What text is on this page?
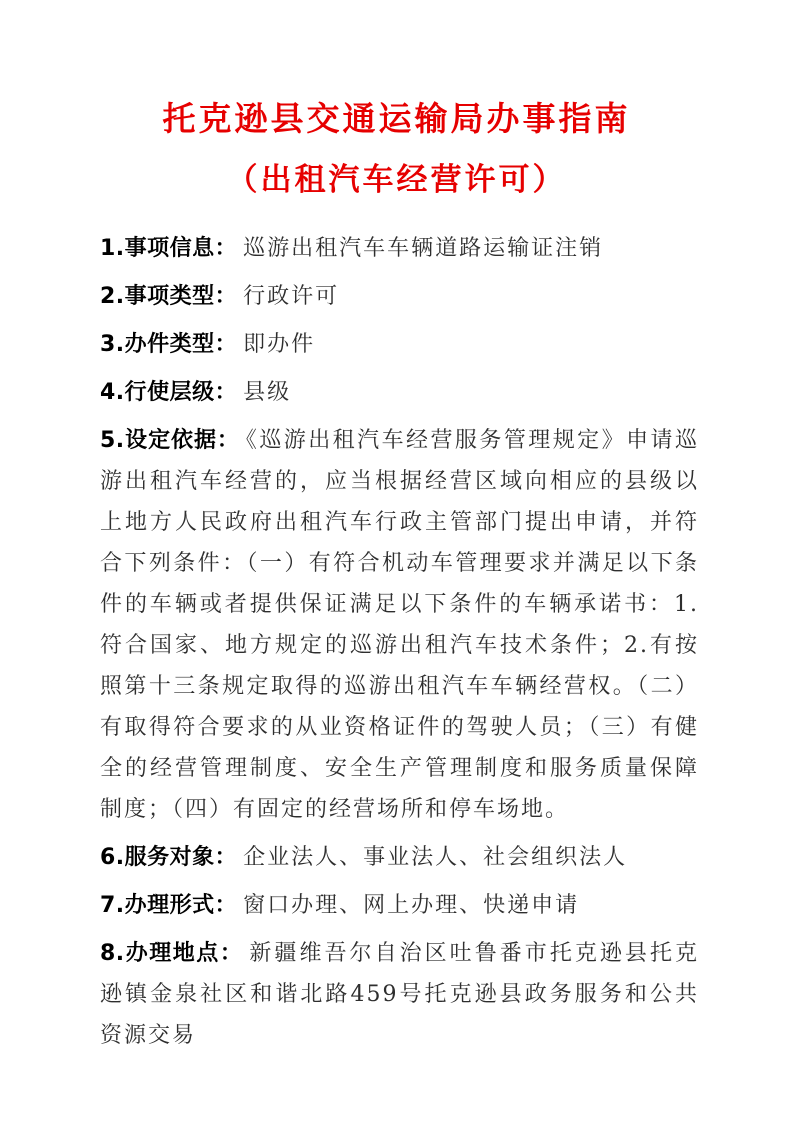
托克逊县交通运输局办事指南
（出租汽车经营许可）
1.事项信息： 巡游出租汽车车辆道路运输证注销
2.事项类型： 行政许可
3.办件类型： 即办件
4.行使层级： 县级
5.设定依据： 《巡游出租汽车经营服务管理规定》申请巡游出租汽车经营的，应当根据经营区域向相应的县级以上地方人民政府出租汽车行政主管部门提出申请，并符合下列条件：（一）有符合机动车管理要求并满足以下条件的车辆或者提供保证满足以下条件的车辆承诺书：1.符合国家、地方规定的巡游出租汽车技术条件；2.有按照第十三条规定取得的巡游出租汽车车辆经营权。（二）有取得符合要求的从业资格证件的驾驶人员；（三）有健全的经营管理制度、安全生产管理制度和服务质量保障制度；（四）有固定的经营场所和停车场地。
6.服务对象： 企业法人、事业法人、社会组织法人
7.办理形式： 窗口办理、网上办理、快递申请
8.办理地点： 新疆维吾尔自治区吐鲁番市托克逊县托克逊镇金泉社区和谐北路459号托克逊县政务服务和公共资源交易
